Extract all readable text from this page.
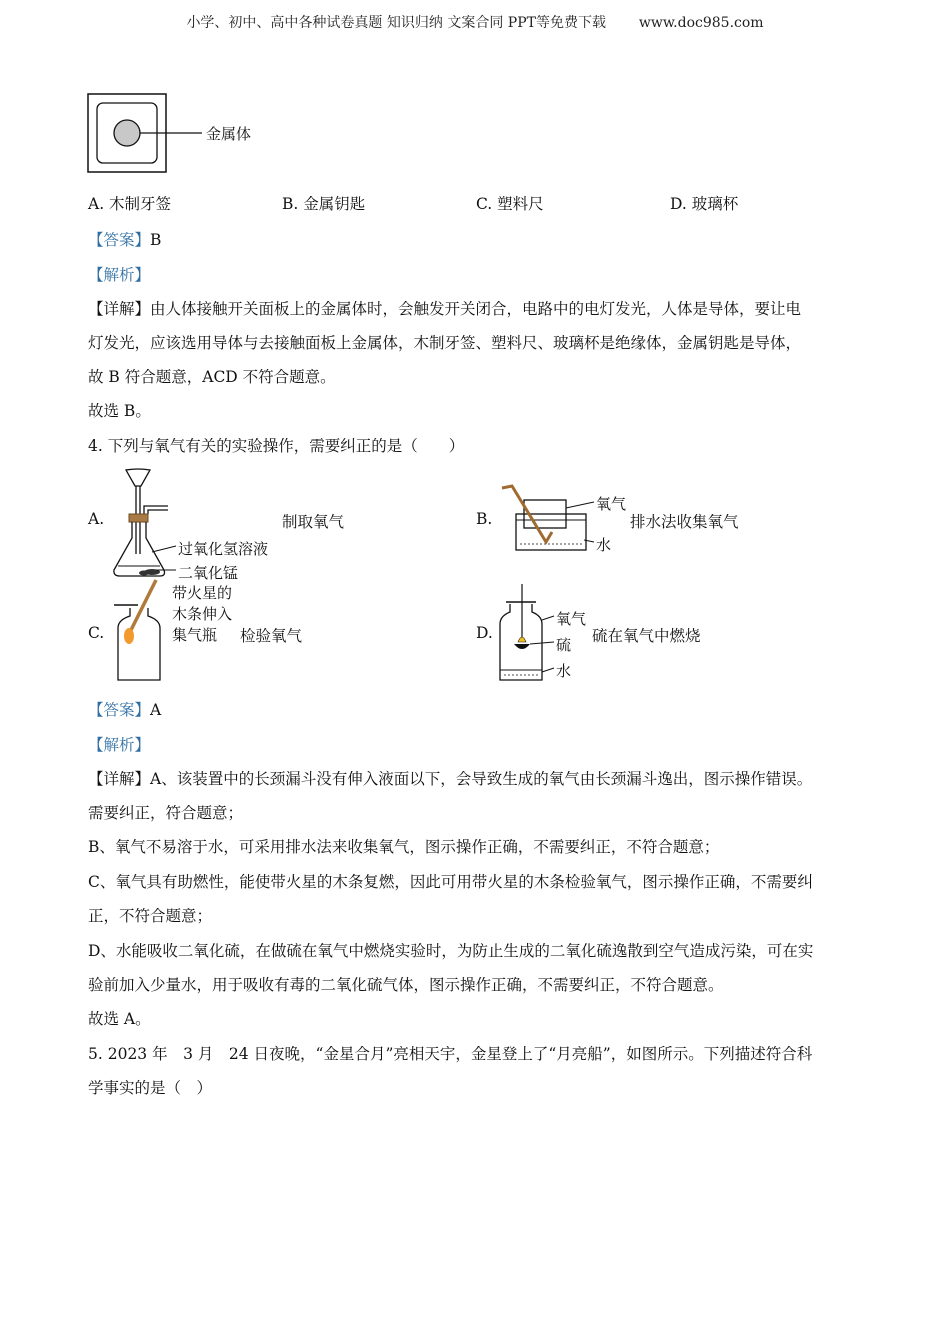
小学、初中、高中各种试卷真题 知识归纳 文案合同 PPT等免费下载 www.doc985.com
金属体
A. 木制牙签	B. 金属钥匙	C. 塑料尺	D. 玻璃杯
【答案】B
【解析】
【详解】由人体接触开关面板上的金属体时，会触发开关闭合，电路中的电灯发光，人体是导体，要让电
灯发光，应该选用导体与去接触面板上金属体，木制牙签、塑料尺、玻璃杯是绝缘体，金属钥匙是导体，
故 B 符合题意，ACD 不符合题意。
故选 B。
4. 下列与氧气有关的实验操作，需要纠正的是（　　）
A.
过氧化氢溶液
二氧化锰
制取氧气	B.
氧气
水
排水法收集氧气
C.
带火星的
木条伸入
集气瓶 检验氧气	D.
氧气
硫
水
硫在氧气中燃烧
【答案】A
【解析】
【详解】A、该装置中的长颈漏斗没有伸入液面以下，会导致生成的氧气由长颈漏斗逸出，图示操作错误。
需要纠正，符合题意；
B、氧气不易溶于水，可采用排水法来收集氧气，图示操作正确，不需要纠正，不符合题意；
C、氧气具有助燃性，能使带火星的木条复燃，因此可用带火星的木条检验氧气，图示操作正确，不需要纠
正，不符合题意；
D、水能吸收二氧化硫，在做硫在氧气中燃烧实验时，为防止生成的二氧化硫逸散到空气造成污染，可在实
验前加入少量水，用于吸收有毒的二氧化硫气体，图示操作正确，不需要纠正，不符合题意。
故选 A。
5. 2023 年　3 月　24 日夜晚，“金星合月”亮相天宇，金星登上了“月亮船”，如图所示。下列描述符合科
学事实的是（　）
